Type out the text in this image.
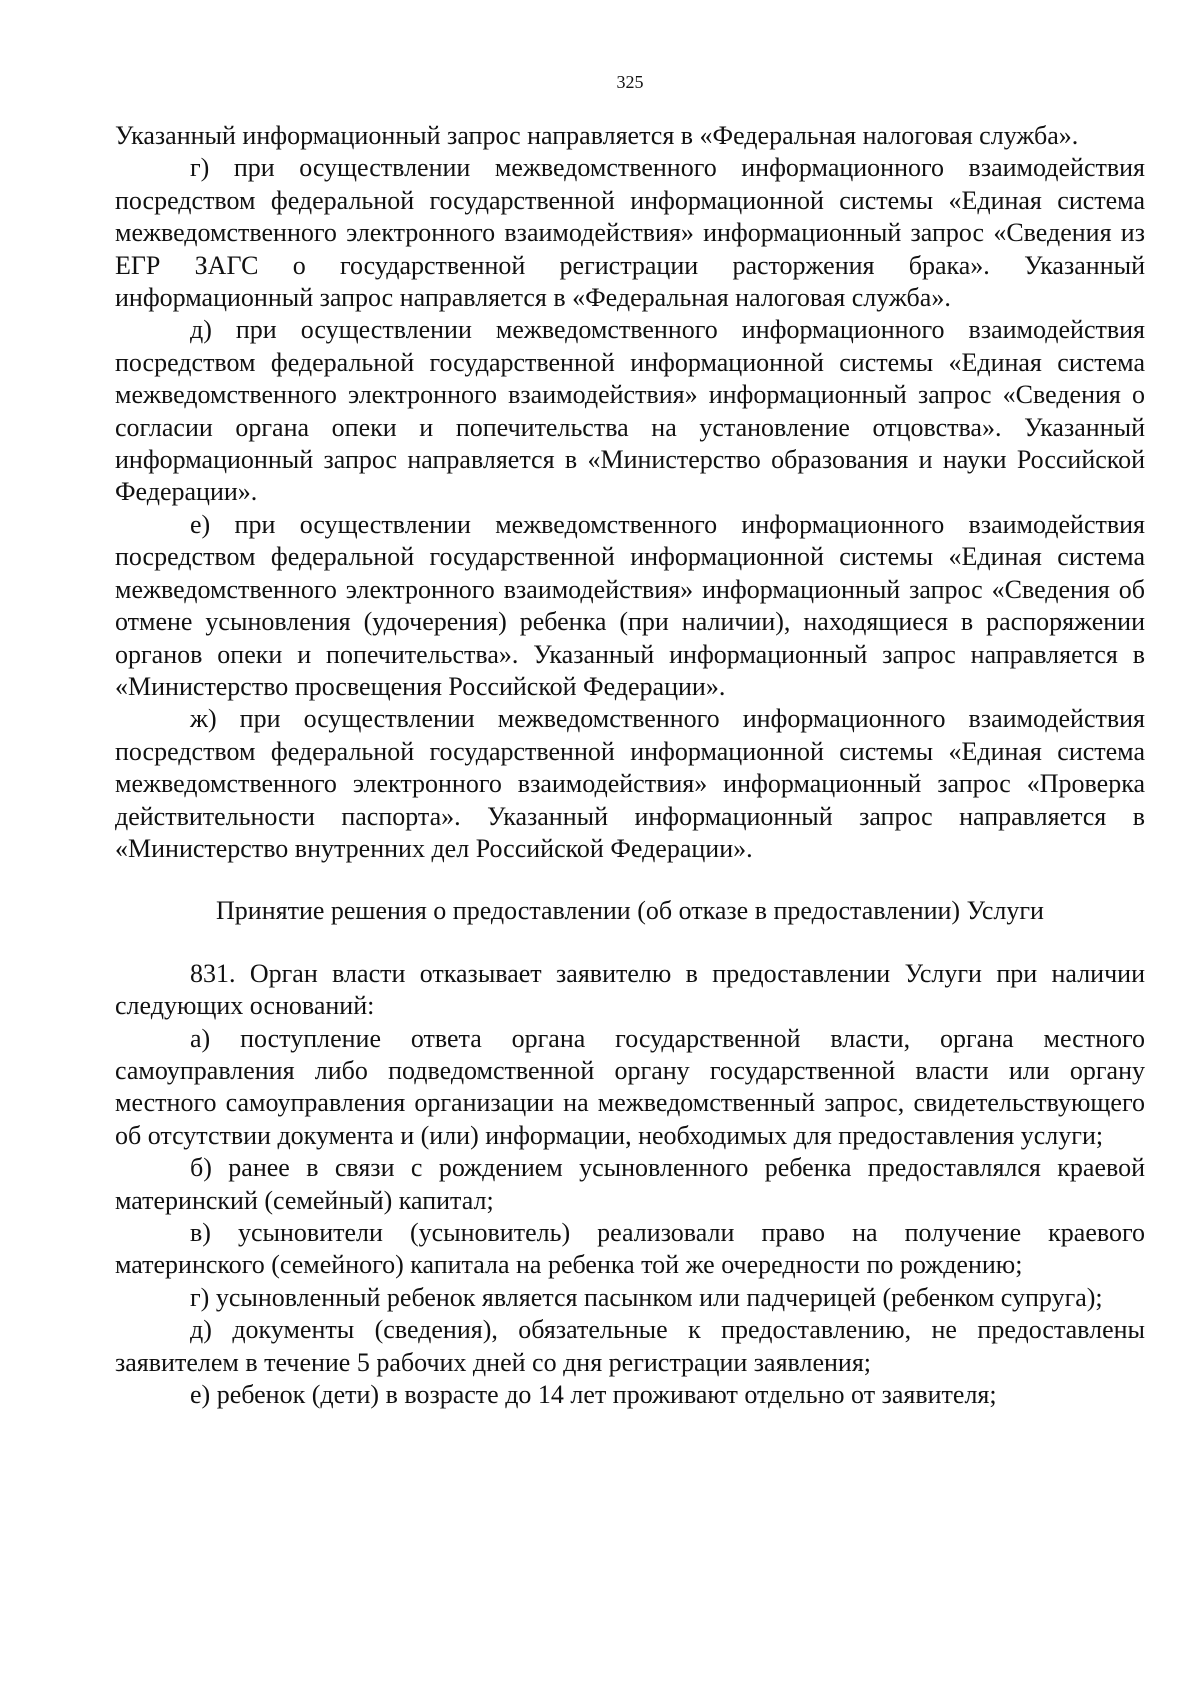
325

Указанный информационный запрос направляется в «Федеральная налоговая служба».

г) при осуществлении межведомственного информационного взаимодействия посредством федеральной государственной информационной системы «Единая система межведомственного электронного взаимодействия» информационный запрос «Сведения из ЕГР ЗАГС о государственной регистрации расторжения брака». Указанный информационный запрос направляется в «Федеральная налоговая служба».

д) при осуществлении межведомственного информационного взаимодействия посредством федеральной государственной информационной системы «Единая система межведомственного электронного взаимодействия» информационный запрос «Сведения о согласии органа опеки и попечительства на установление отцовства». Указанный информационный запрос направляется в «Министерство образования и науки Российской Федерации».

е) при осуществлении межведомственного информационного взаимодействия посредством федеральной государственной информационной системы «Единая система межведомственного электронного взаимодействия» информационный запрос «Сведения об отмене усыновления (удочерения) ребенка (при наличии), находящиеся в распоряжении органов опеки и попечительства». Указанный информационный запрос направляется в «Министерство просвещения Российской Федерации».

ж) при осуществлении межведомственного информационного взаимодействия посредством федеральной государственной информационной системы «Единая система межведомственного электронного взаимодействия» информационный запрос «Проверка действительности паспорта». Указанный информационный запрос направляется в «Министерство внутренних дел Российской Федерации».

Принятие решения о предоставлении (об отказе в предоставлении) Услуги

831. Орган власти отказывает заявителю в предоставлении Услуги при наличии следующих оснований:

а) поступление ответа органа государственной власти, органа местного самоуправления либо подведомственной органу государственной власти или органу местного самоуправления организации на межведомственный запрос, свидетельствующего об отсутствии документа и (или) информации, необходимых для предоставления услуги;

б) ранее в связи с рождением усыновленного ребенка предоставлялся краевой материнский (семейный) капитал;

в) усыновители (усыновитель) реализовали право на получение краевого материнского (семейного) капитала на ребенка той же очередности по рождению;

г) усыновленный ребенок является пасынком или падчерицей (ребенком супруга);

д) документы (сведения), обязательные к предоставлению, не предоставлены заявителем в течение 5 рабочих дней со дня регистрации заявления;

е) ребенок (дети) в возрасте до 14 лет проживают отдельно от заявителя;
